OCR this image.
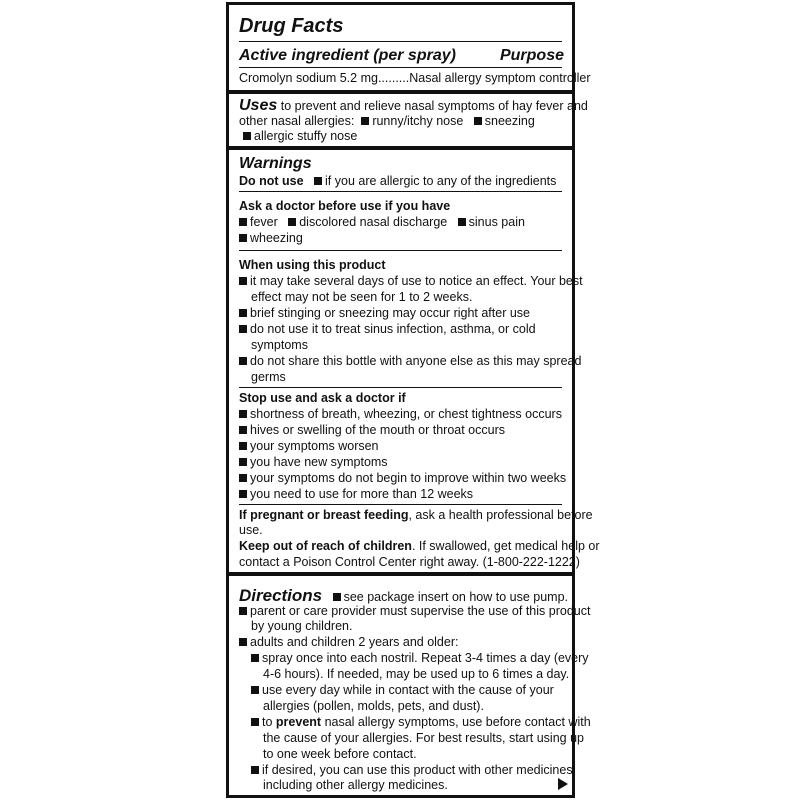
Drug Facts
Active ingredient (per spray)	Purpose
Cromolyn sodium 5.2 mg.........Nasal allergy symptom controller
Uses to prevent and relieve nasal symptoms of hay fever and
other nasal allergies: runny/itchy nose sneezing
allergic stuffy nose
Warnings
Do not use if you are allergic to any of the ingredients
Ask a doctor before use if you have
fever discolored nasal discharge sinus pain
wheezing
When using this product
it may take several days of use to notice an effect. Your best
effect may not be seen for 1 to 2 weeks.
brief stinging or sneezing may occur right after use
do not use it to treat sinus infection, asthma, or cold
symptoms
do not share this bottle with anyone else as this may spread
germs
Stop use and ask a doctor if
shortness of breath, wheezing, or chest tightness occurs
hives or swelling of the mouth or throat occurs
your symptoms worsen
you have new symptoms
your symptoms do not begin to improve within two weeks
you need to use for more than 12 weeks
If pregnant or breast feeding, ask a health professional before
use.
Keep out of reach of children. If swallowed, get medical help or
contact a Poison Control Center right away. (1-800-222-1222)
Directions see package insert on how to use pump.
parent or care provider must supervise the use of this product
by young children.
adults and children 2 years and older:
spray once into each nostril. Repeat 3-4 times a day (every
4-6 hours). If needed, may be used up to 6 times a day.
use every day while in contact with the cause of your
allergies (pollen, molds, pets, and dust).
to prevent nasal allergy symptoms, use before contact with
the cause of your allergies. For best results, start using up
to one week before contact.
if desired, you can use this product with other medicines,
including other allergy medicines.
